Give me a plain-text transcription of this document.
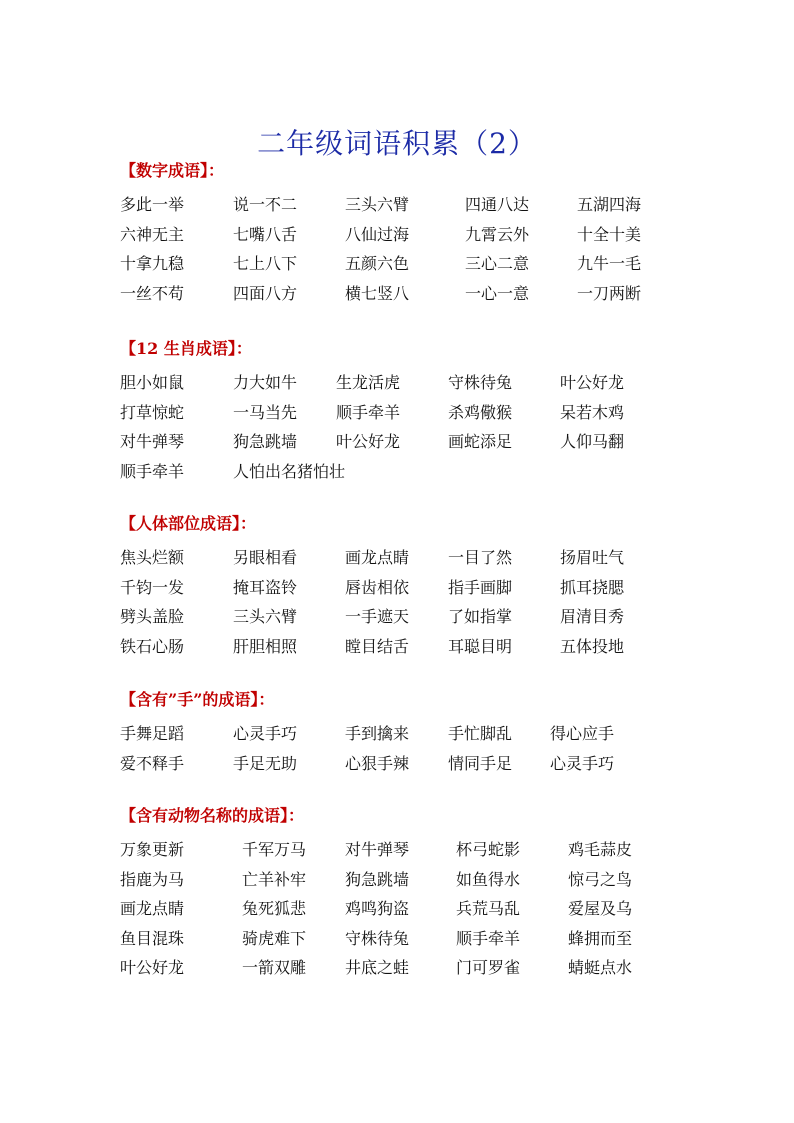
二年级词语积累（2）
【数字成语】：
多此一举	说一不二	三头六臂	四通八达	五湖四海
六神无主	七嘴八舌	八仙过海	九霄云外	十全十美
十拿九稳	七上八下	五颜六色	三心二意	九牛一毛
一丝不苟	四面八方	横七竖八	一心一意	一刀两断
【12 生肖成语】：
胆小如鼠	力大如牛 生龙活虎	守株待兔	叶公好龙
打草惊蛇	一马当先 顺手牵羊	杀鸡儆猴	呆若木鸡
对牛弹琴	狗急跳墙 叶公好龙	画蛇添足	人仰马翻
顺手牵羊	人怕出名猪怕壮
【人体部位成语】：
焦头烂额	另眼相看	画龙点睛 一目了然	扬眉吐气
千钧一发	掩耳盗铃	唇齿相依 指手画脚	抓耳挠腮
劈头盖脸	三头六臂	一手遮天 了如指掌	眉清目秀
铁石心肠	肝胆相照	瞠目结舌 耳聪目明	五体投地
【含有”手”的成语】：
手舞足蹈	心灵手巧	手到擒来 手忙脚乱 得心应手
爱不释手	手足无助	心狠手辣 情同手足 心灵手巧
【含有动物名称的成语】：
万象更新	千军万马 对牛弹琴	杯弓蛇影	鸡毛蒜皮
指鹿为马	亡羊补牢 狗急跳墙	如鱼得水	惊弓之鸟
画龙点睛	兔死狐悲 鸡鸣狗盗	兵荒马乱	爱屋及乌
鱼目混珠	骑虎难下 守株待兔	顺手牵羊	蜂拥而至
叶公好龙	一箭双雕 井底之蛙	门可罗雀	蜻蜓点水
